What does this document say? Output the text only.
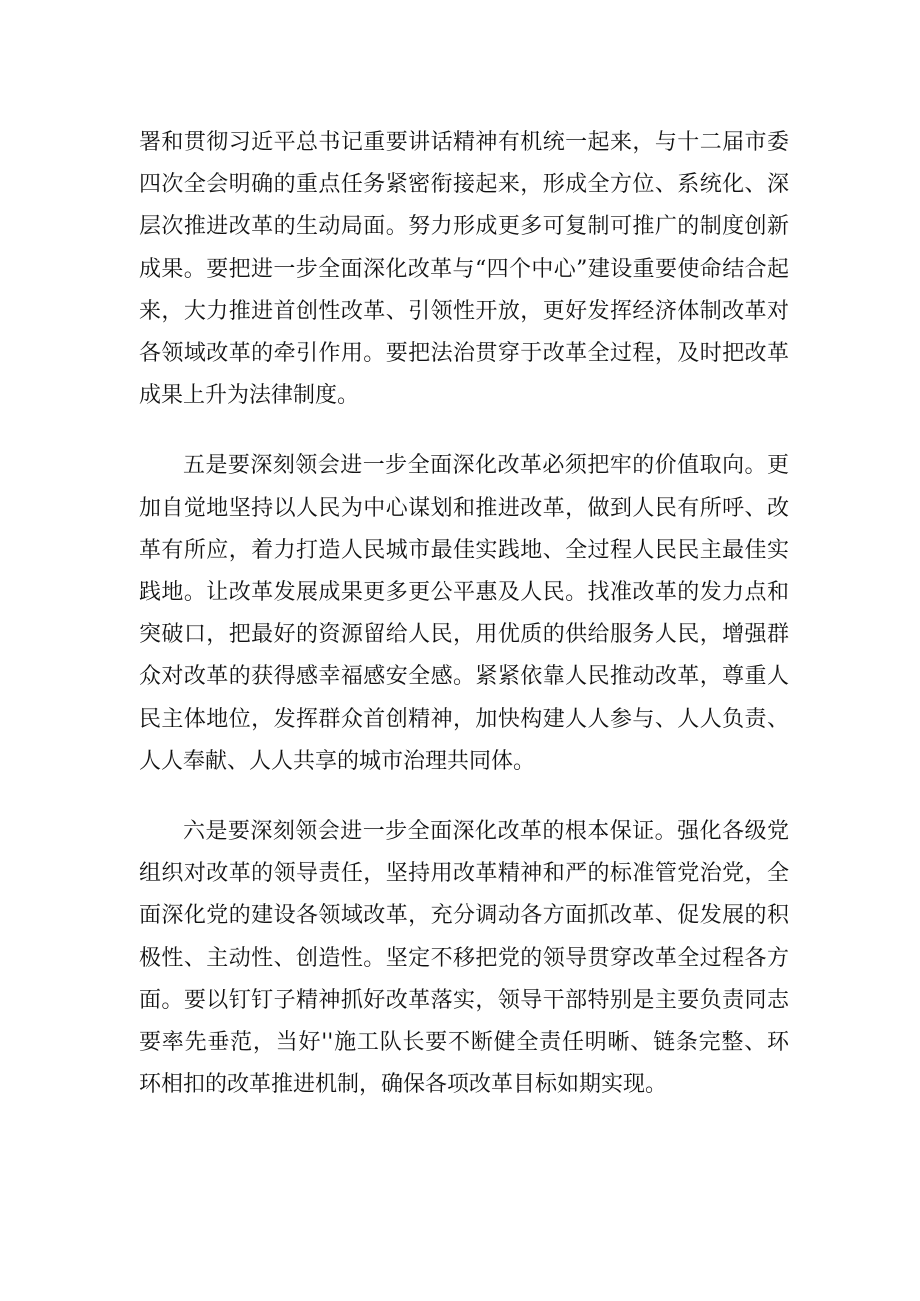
署和贯彻习近平总书记重要讲话精神有机统一起来，与十二届市委四次全会明确的重点任务紧密衔接起来，形成全方位、系统化、深层次推进改革的生动局面。努力形成更多可复制可推广的制度创新成果。要把进一步全面深化改革与“四个中心”建设重要使命结合起来，大力推进首创性改革、引领性开放，更好发挥经济体制改革对各领域改革的牵引作用。要把法治贯穿于改革全过程，及时把改革成果上升为法律制度。

五是要深刻领会进一步全面深化改革必须把牢的价值取向。更加自觉地坚持以人民为中心谋划和推进改革，做到人民有所呼、改革有所应，着力打造人民城市最佳实践地、全过程人民民主最佳实践地。让改革发展成果更多更公平惠及人民。找准改革的发力点和突破口，把最好的资源留给人民，用优质的供给服务人民，增强群众对改革的获得感幸福感安全感。紧紧依靠人民推动改革，尊重人民主体地位，发挥群众首创精神，加快构建人人参与、人人负责、人人奉献、人人共享的城市治理共同体。

六是要深刻领会进一步全面深化改革的根本保证。强化各级党组织对改革的领导责任，坚持用改革精神和严的标准管党治党，全面深化党的建设各领域改革，充分调动各方面抓改革、促发展的积极性、主动性、创造性。坚定不移把党的领导贯穿改革全过程各方面。要以钉钉子精神抓好改革落实，领导干部特别是主要负责同志要率先垂范，当好''施工队长要不断健全责任明晰、链条完整、环环相扣的改革推进机制，确保各项改革目标如期实现。
